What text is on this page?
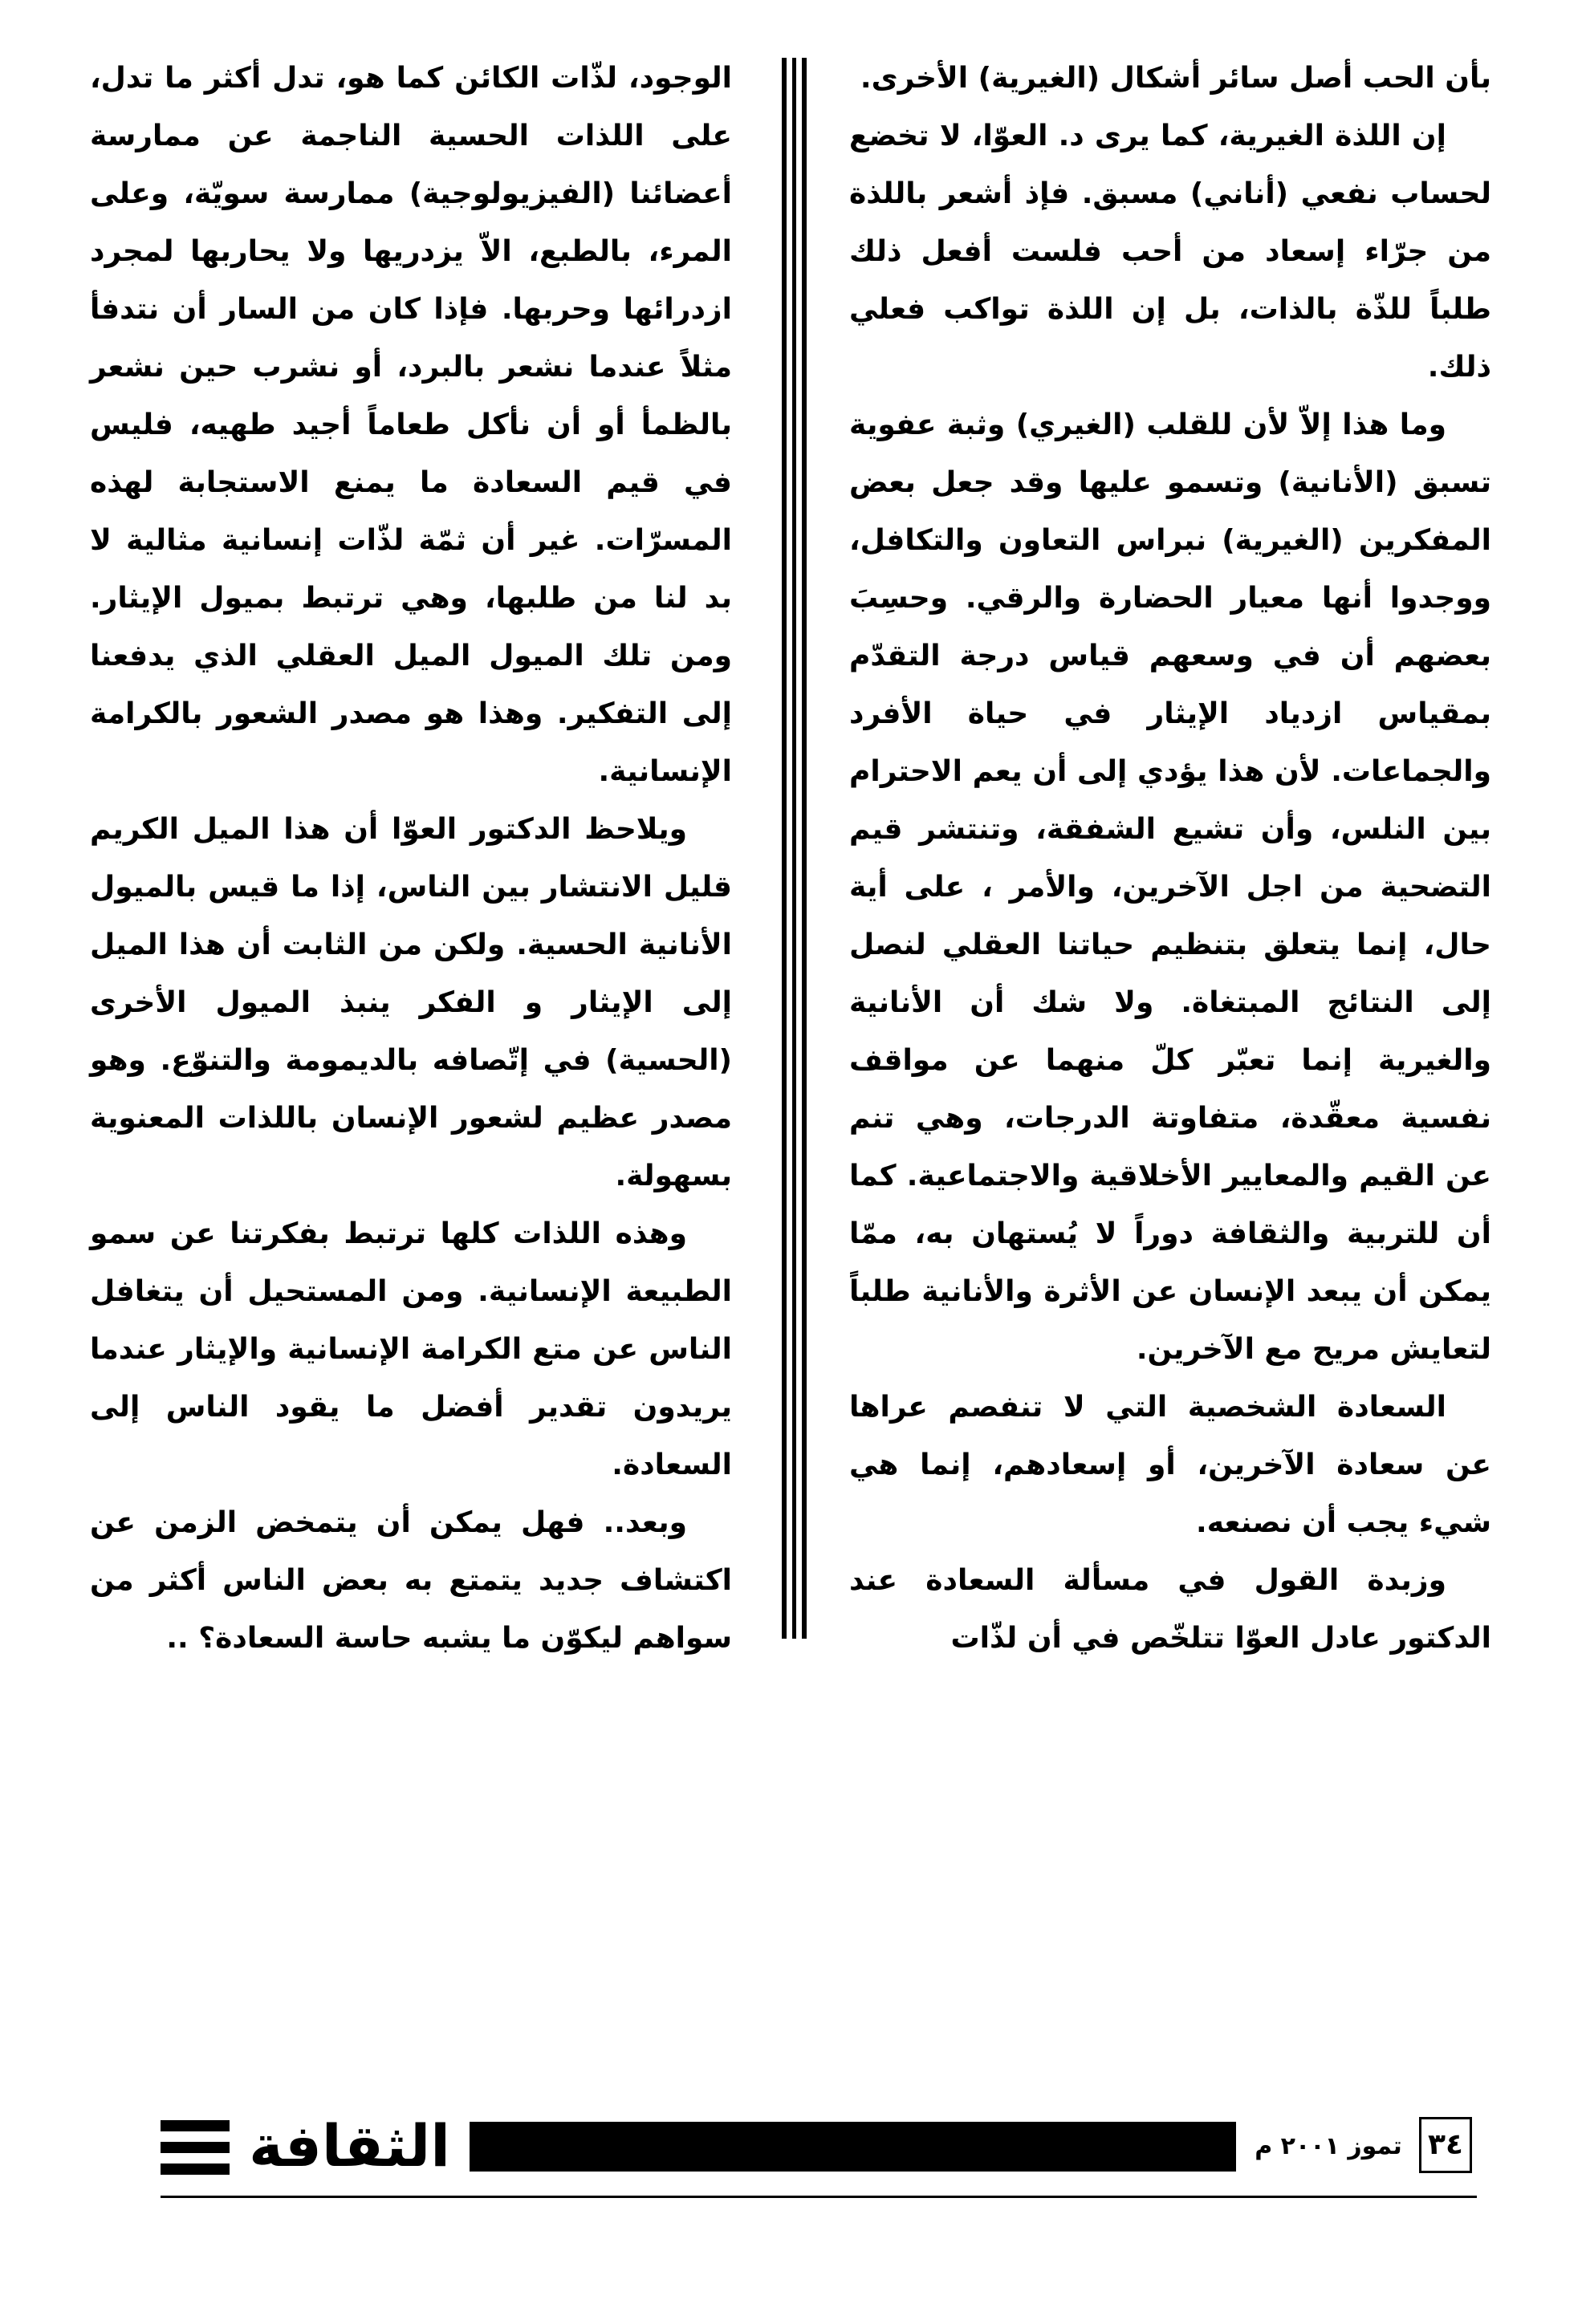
بأن الحب أصل سائر أشكال (الغيرية) الأخرى.

إن اللذة الغيرية، كما يرى د. العوّا، لا تخضع لحساب نفعي (أناني) مسبق. فإذ أشعر باللذة من جرّاء إسعاد من أحب فلست أفعل ذلك طلباً للذّة بالذات، بل إن اللذة تواكب فعلي ذلك.

وما هذا إلاّ لأن للقلب (الغيري) وثبة عفوية تسبق (الأنانية) وتسمو عليها وقد جعل بعض المفكرين (الغيرية) نبراس التعاون والتكافل، ووجدوا أنها معيار الحضارة والرقي. وحسِبَ بعضهم أن في وسعهم قياس درجة التقدّم بمقياس ازدياد الإيثار في حياة الأفرد والجماعات. لأن هذا يؤدي إلى أن يعم الاحترام بين النلس، وأن تشيع الشفقة، وتنتشر قيم التضحية من اجل الآخرين، والأمر ، على أية حال، إنما يتعلق بتنظيم حياتنا العقلي لنصل إلى النتائج المبتغاة. ولا شك أن الأنانية والغيرية إنما تعبّر كلّ منهما عن مواقف نفسية معقّدة، متفاوتة الدرجات، وهي تنم عن القيم والمعايير الأخلاقية والاجتماعية. كما أن للتربية والثقافة دوراً لا يُستهان به، ممّا يمكن أن يبعد الإنسان عن الأثرة والأنانية طلباً لتعايش مريح مع الآخرين.

السعادة الشخصية التي لا تنفصم عراها عن سعادة الآخرين، أو إسعادهم، إنما هي شيء يجب أن نصنعه.

وزبدة القول في مسألة السعادة عند الدكتور عادل العوّا تتلخّص في أن لذّات

الوجود، لذّات الكائن كما هو، تدل أكثر ما تدل، على اللذات الحسية الناجمة عن ممارسة أعضائنا (الفيزيولوجية) ممارسة سويّة، وعلى المرء، بالطبع، الاّ يزدريها ولا يحاربها لمجرد ازدرائها وحربها. فإذا كان من السار أن نتدفأ مثلاً عندما نشعر بالبرد، أو نشرب حين نشعر بالظمأ أو أن نأكل طعاماً أجيد طهيه، فليس في قيم السعادة ما يمنع الاستجابة لهذه المسرّات. غير أن ثمّة لذّات إنسانية مثالية لا بد لنا من طلبها، وهي ترتبط بميول الإيثار. ومن تلك الميول الميل العقلي الذي يدفعنا إلى التفكير. وهذا هو مصدر الشعور بالكرامة الإنسانية.

ويلاحظ الدكتور العوّا أن هذا الميل الكريم قليل الانتشار بين الناس، إذا ما قيس بالميول الأنانية الحسية. ولكن من الثابت أن هذا الميل إلى الإيثار و الفكر ينبذ الميول الأخرى (الحسية) في إتّصافه بالديمومة والتنوّع. وهو مصدر عظيم لشعور الإنسان باللذات المعنوية بسهولة.

وهذه اللذات كلها ترتبط بفكرتنا عن سمو الطبيعة الإنسانية. ومن المستحيل أن يتغافل الناس عن متع الكرامة الإنسانية والإيثار عندما يريدون تقدير أفضل ما يقود الناس إلى السعادة.

وبعد.. فهل يمكن أن يتمخض الزمن عن اكتشاف جديد يتمتع به بعض الناس أكثر من سواهم ليكوّن ما يشبه حاسة السعادة؟ ..

الثقافة	تموز ٢٠٠١ م ٣٤
